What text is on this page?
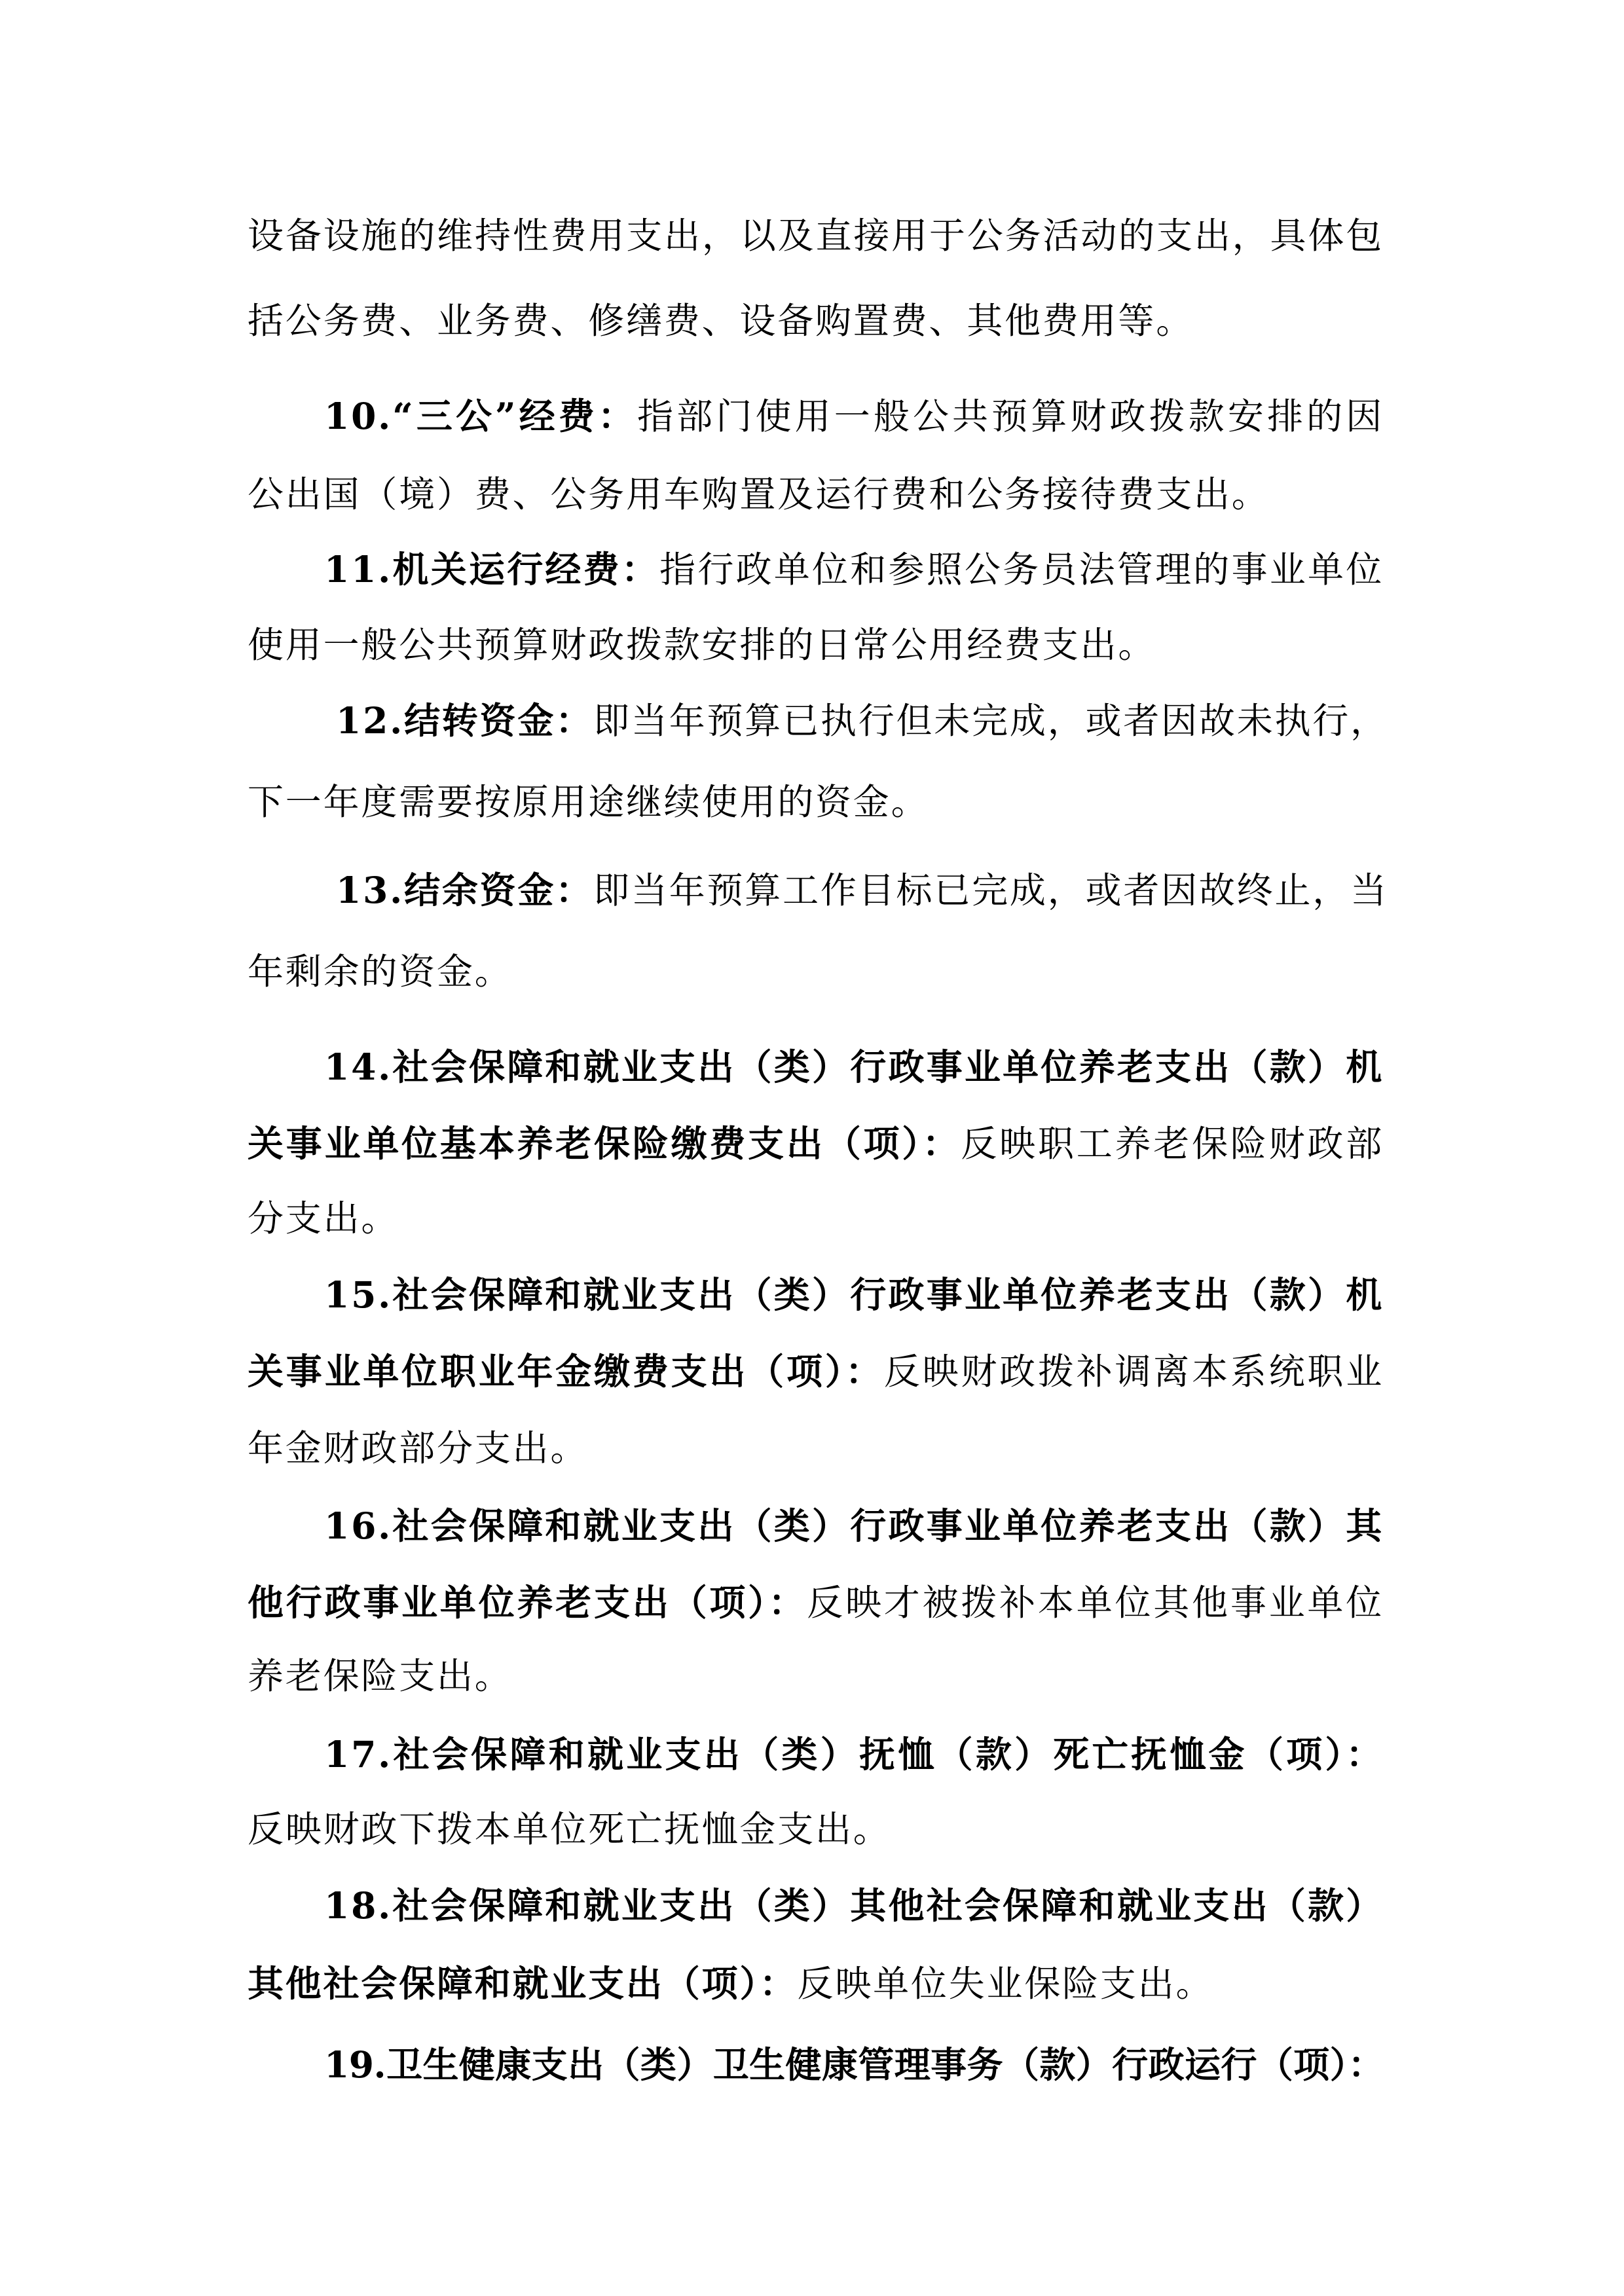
设备设施的维持性费用支出，以及直接用于公务活动的支出，具体包
括公务费、业务费、修缮费、设备购置费、其他费用等。
10.“三公”经费：指部门使用一般公共预算财政拨款安排的因
公出国（境）费、公务用车购置及运行费和公务接待费支出。
11.机关运行经费：指行政单位和参照公务员法管理的事业单位
使用一般公共预算财政拨款安排的日常公用经费支出。
12.结转资金：即当年预算已执行但未完成，或者因故未执行，
下一年度需要按原用途继续使用的资金。
13.结余资金：即当年预算工作目标已完成，或者因故终止，当
年剩余的资金。
14.社会保障和就业支出（类）行政事业单位养老支出（款）机
关事业单位基本养老保险缴费支出（项）：反映职工养老保险财政部
分支出。
15.社会保障和就业支出（类）行政事业单位养老支出（款）机
关事业单位职业年金缴费支出（项）：反映财政拨补调离本系统职业
年金财政部分支出。
16.社会保障和就业支出（类）行政事业单位养老支出（款）其
他行政事业单位养老支出（项）：反映才被拨补本单位其他事业单位
养老保险支出。
17.社会保障和就业支出（类）抚恤（款）死亡抚恤金（项）：
反映财政下拨本单位死亡抚恤金支出。
18.社会保障和就业支出（类）其他社会保障和就业支出（款）
其他社会保障和就业支出（项）：反映单位失业保险支出。
19.卫生健康支出（类）卫生健康管理事务（款）行政运行（项）：
